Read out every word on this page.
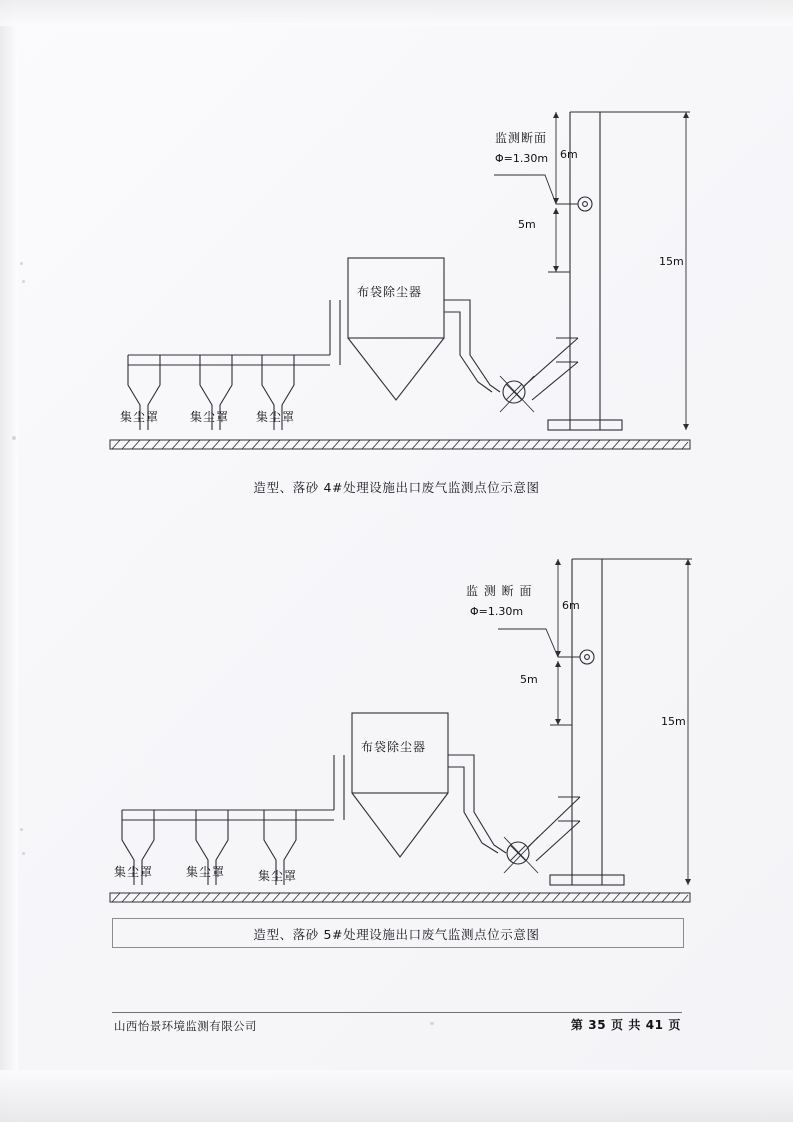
布袋除尘器
监测断面
Φ=1.30m 6m
5m
15m
集尘罩	集尘罩 集尘罩
造型、落砂 4#处理设施出口废气监测点位示意图
布袋除尘器
监 测 断 面
Φ=1.30m	6m
5m
15m
集尘罩	集尘罩	集尘罩
造型、落砂 5#处理设施出口废气监测点位示意图
山西怡景环境监测有限公司	第 35 页 共 41 页
